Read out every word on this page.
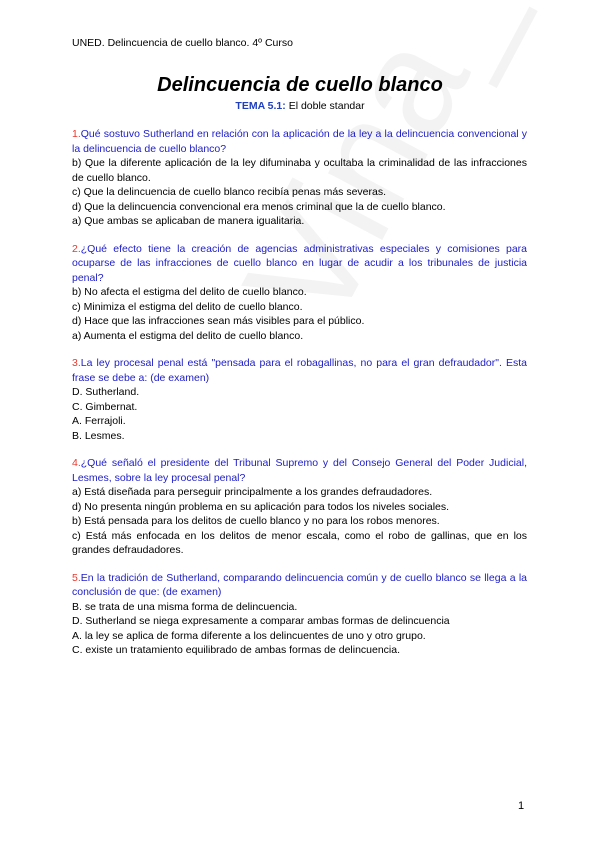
UNED. Delincuencia de cuello blanco. 4º Curso
Delincuencia de cuello blanco
TEMA 5.1: El doble standar
1.Qué sostuvo Sutherland en relación con la aplicación de la ley a la delincuencia convencional y la delincuencia de cuello blanco?
b) Que la diferente aplicación de la ley difuminaba y ocultaba la criminalidad de las infracciones de cuello blanco.
c) Que la delincuencia de cuello blanco recibía penas más severas.
d) Que la delincuencia convencional era menos criminal que la de cuello blanco.
a) Que ambas se aplicaban de manera igualitaria.
2.¿Qué efecto tiene la creación de agencias administrativas especiales y comisiones para ocuparse de las infracciones de cuello blanco en lugar de acudir a los tribunales de justicia penal?
b) No afecta el estigma del delito de cuello blanco.
c) Minimiza el estigma del delito de cuello blanco.
d) Hace que las infracciones sean más visibles para el público.
a) Aumenta el estigma del delito de cuello blanco.
3.La ley procesal penal está "pensada para el robagallinas, no para el gran defraudador". Esta frase se debe a: (de examen)
D. Sutherland.
C. Gimbernat.
A. Ferrajoli.
B. Lesmes.
4.¿Qué señaló el presidente del Tribunal Supremo y del Consejo General del Poder Judicial, Lesmes, sobre la ley procesal penal?
a) Está diseñada para perseguir principalmente a los grandes defraudadores.
d) No presenta ningún problema en su aplicación para todos los niveles sociales.
b) Está pensada para los delitos de cuello blanco y no para los robos menores.
c) Está más enfocada en los delitos de menor escala, como el robo de gallinas, que en los grandes defraudadores.
5.En la tradición de Sutherland, comparando delincuencia común y de cuello blanco se llega a la conclusión de que: (de examen)
B. se trata de una misma forma de delincuencia.
D. Sutherland se niega expresamente a comparar ambas formas de delincuencia
A. la ley se aplica de forma diferente a los delincuentes de uno y otro grupo.
C. existe un tratamiento equilibrado de ambas formas de delincuencia.
1
